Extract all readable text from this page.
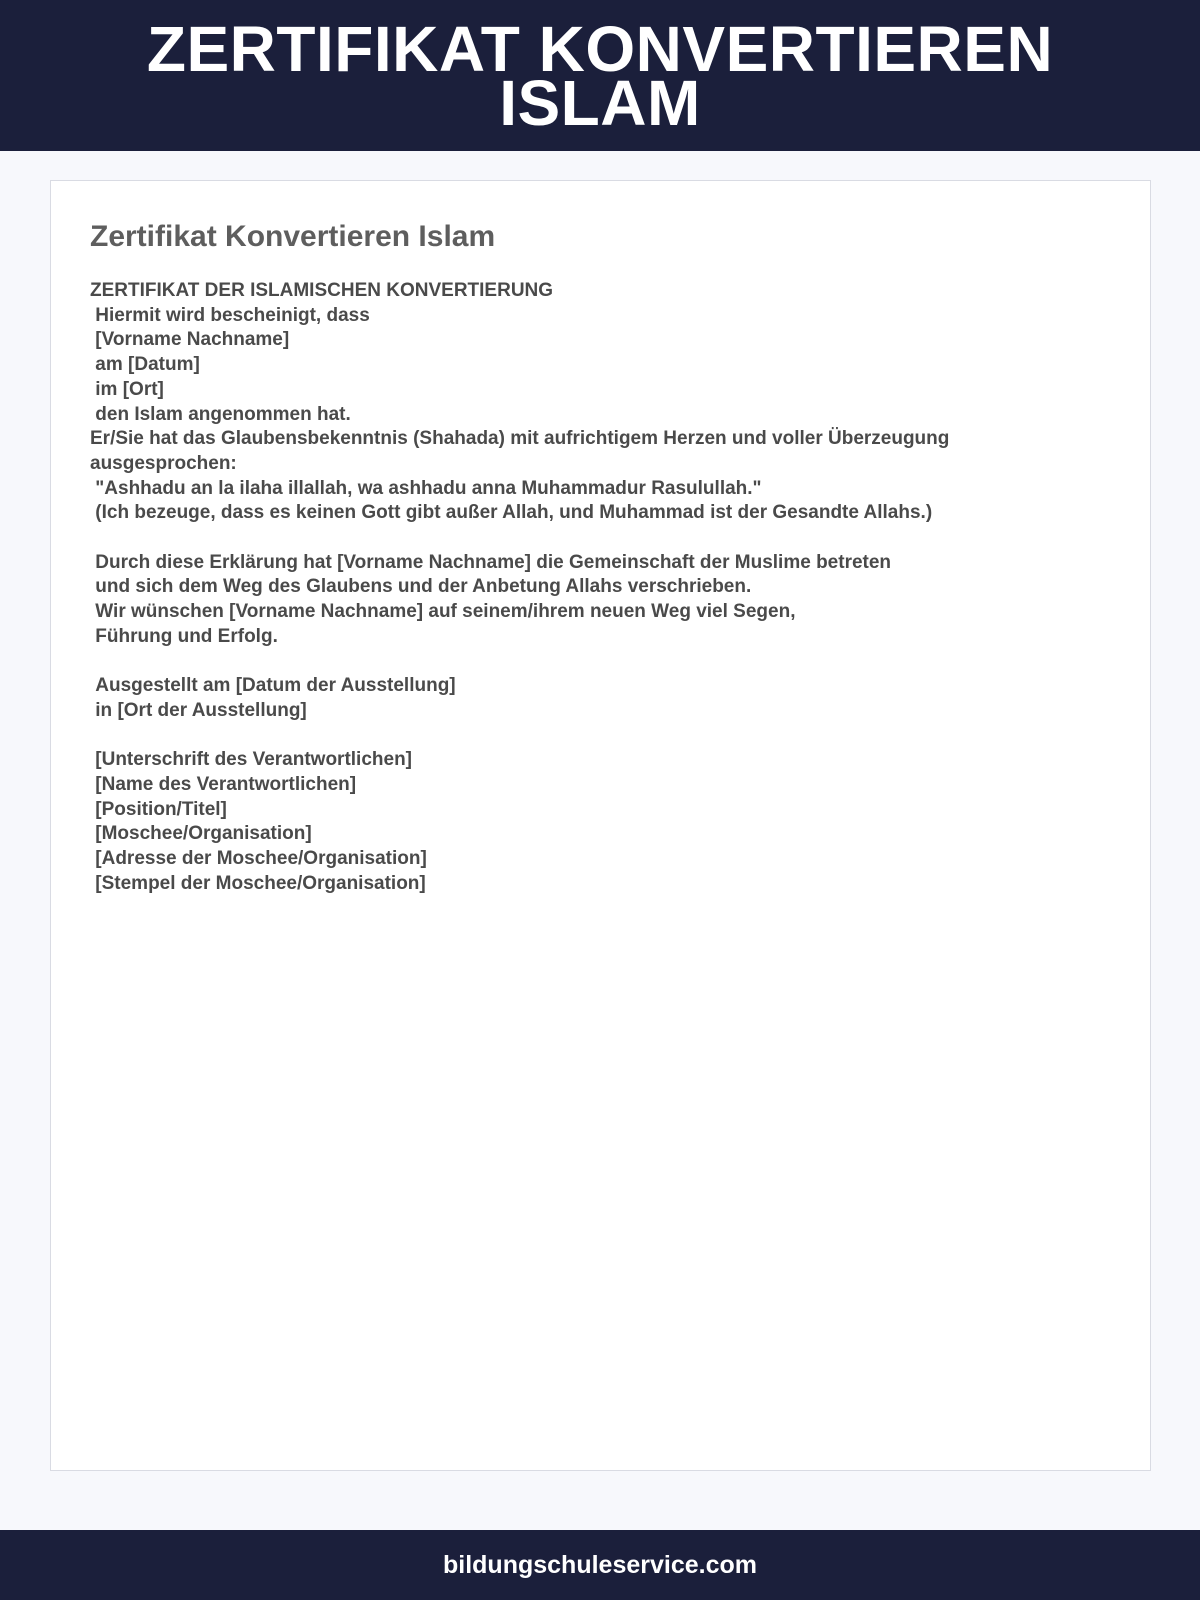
ZERTIFIKAT KONVERTIEREN ISLAM
Zertifikat Konvertieren Islam
ZERTIFIKAT DER ISLAMISCHEN KONVERTIERUNG
Hiermit wird bescheinigt, dass
[Vorname Nachname]
am [Datum]
im [Ort]
den Islam angenommen hat.
Er/Sie hat das Glaubensbekenntnis (Shahada) mit aufrichtigem Herzen und voller Überzeugung ausgesprochen:
"Ashhadu an la ilaha illallah, wa ashhadu anna Muhammadur Rasulullah."
(Ich bezeuge, dass es keinen Gott gibt außer Allah, und Muhammad ist der Gesandte Allahs.)

Durch diese Erklärung hat [Vorname Nachname] die Gemeinschaft der Muslime betreten
und sich dem Weg des Glaubens und der Anbetung Allahs verschrieben.
Wir wünschen [Vorname Nachname] auf seinem/ihrem neuen Weg viel Segen,
Führung und Erfolg.

Ausgestellt am [Datum der Ausstellung]
in [Ort der Ausstellung]

[Unterschrift des Verantwortlichen]
[Name des Verantwortlichen]
[Position/Titel]
[Moschee/Organisation]
[Adresse der Moschee/Organisation]
[Stempel der Moschee/Organisation]
bildungschuleservice.com
